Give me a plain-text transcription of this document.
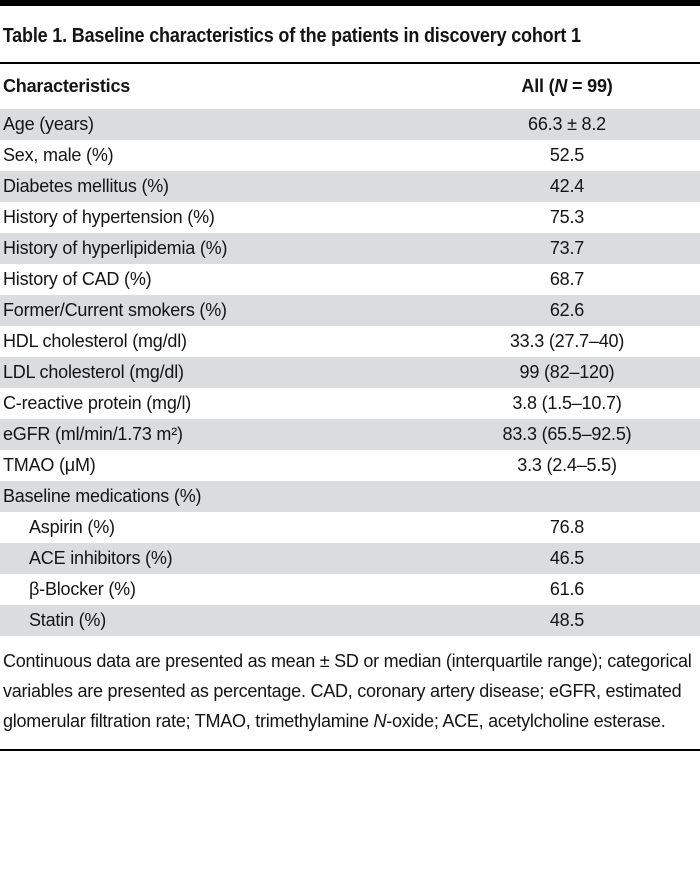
Table 1. Baseline characteristics of the patients in discovery cohort 1
Characteristics	All (N = 99)
Age (years)	66.3 ± 8.2
Sex, male (%)	52.5
Diabetes mellitus (%)	42.4
History of hypertension (%)	75.3
History of hyperlipidemia (%)	73.7
History of CAD (%)	68.7
Former/Current smokers (%)	62.6
HDL cholesterol (mg/dl)	33.3 (27.7–40)
LDL cholesterol (mg/dl)	99 (82–120)
C-reactive protein (mg/l)	3.8 (1.5–10.7)
eGFR (ml/min/1.73 m²)	83.3 (65.5–92.5)
TMAO (μM)	3.3 (2.4–5.5)
Baseline medications (%)
Aspirin (%)	76.8
ACE inhibitors (%)	46.5
β-Blocker (%)	61.6
Statin (%)	48.5

Continuous data are presented as mean ± SD or median (interquartile range); categorical variables are presented as percentage. CAD, coronary artery disease; eGFR, estimated glomerular filtration rate; TMAO, trimethylamine N-oxide; ACE, acetylcholine esterase.
